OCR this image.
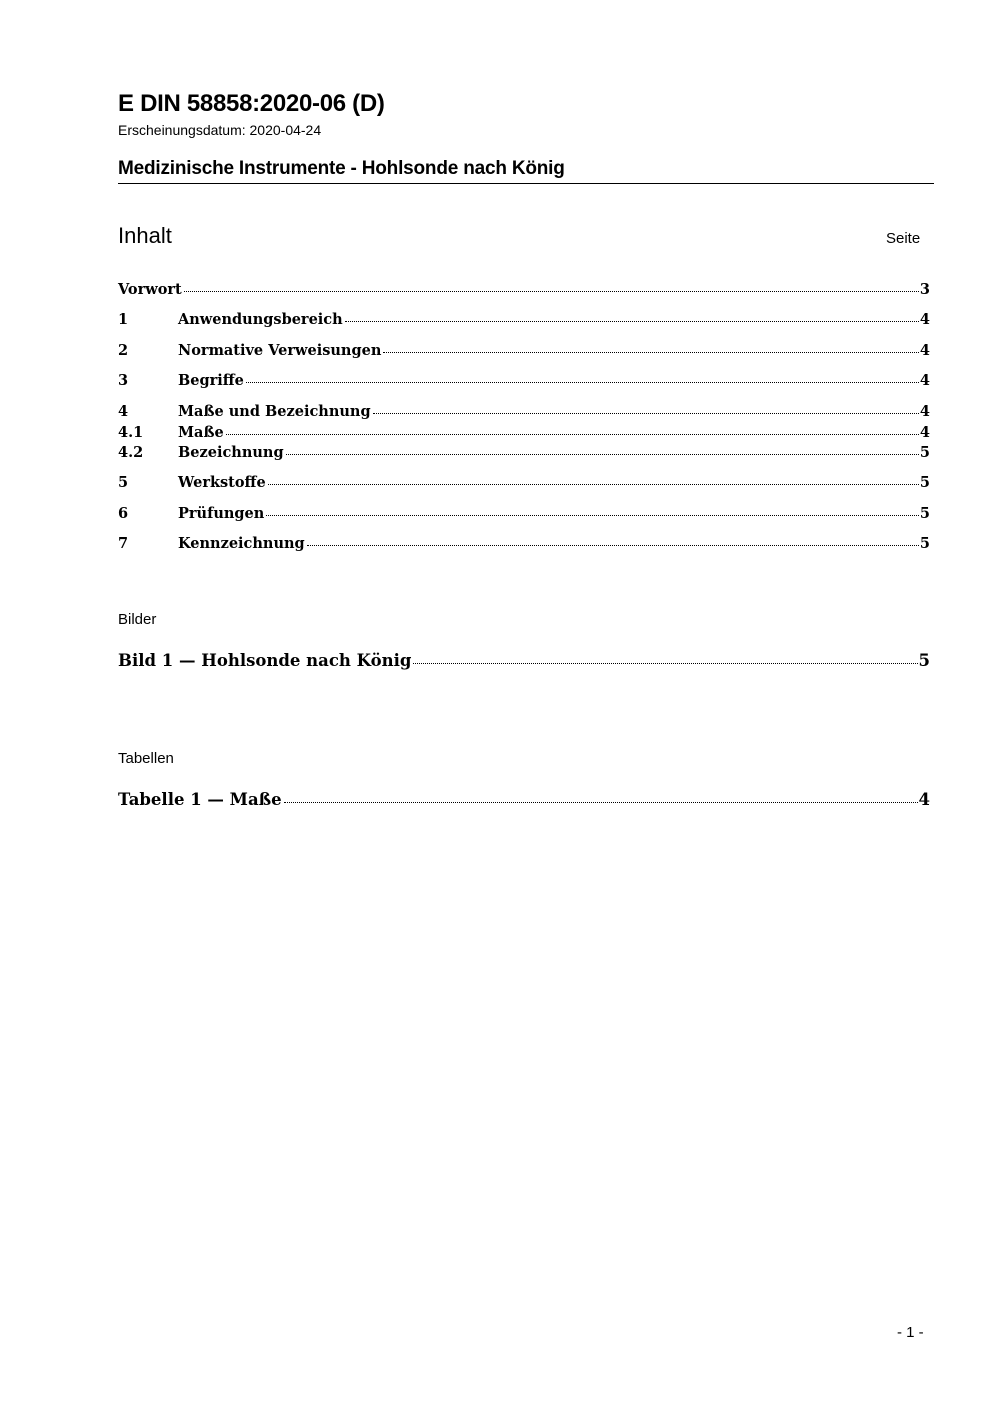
E DIN 58858:2020-06 (D)
Erscheinungsdatum: 2020-04-24
Medizinische Instrumente - Hohlsonde nach König
Inhalt	Seite
Vorwort	3
1	Anwendungsbereich	4
2	Normative Verweisungen	4
3	Begriffe	4
4	Maße und Bezeichnung	4
4.1	Maße	4
4.2	Bezeichnung	5
5	Werkstoffe	5
6	Prüfungen	5
7	Kennzeichnung	5
Bilder
Bild 1 — Hohlsonde nach König	5
Tabellen
Tabelle 1 — Maße	4
- 1 -
